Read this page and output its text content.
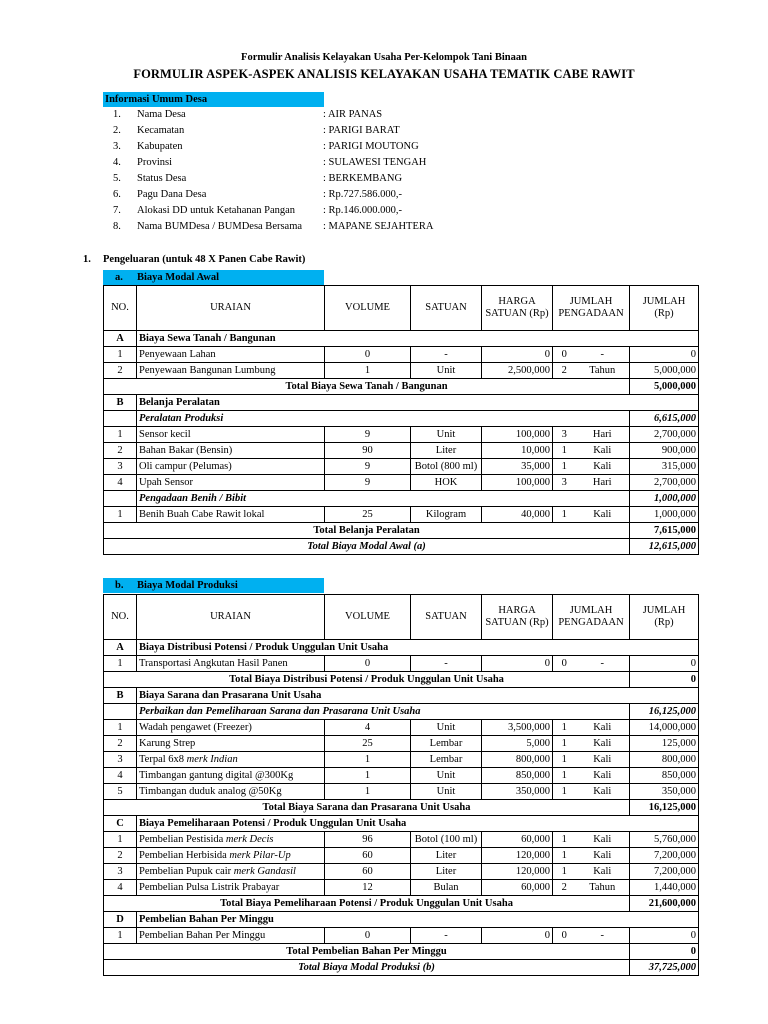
Formulir Analisis Kelayakan Usaha Per-Kelompok Tani Binaan
FORMULIR ASPEK-ASPEK ANALISIS KELAYAKAN USAHA TEMATIK CABE RAWIT
Informasi Umum Desa
1. Nama Desa	: AIR PANAS
2. Kecamatan	: PARIGI BARAT
3. Kabupaten	: PARIGI MOUTONG
4. Provinsi	: SULAWESI TENGAH
5. Status Desa	: BERKEMBANG
6. Pagu Dana Desa	: Rp.727.586.000,-
7. Alokasi DD untuk Ketahanan Pangan	: Rp.146.000.000,-
8. Nama BUMDesa / BUMDesa Bersama : MAPANE SEJAHTERA
1. Pengeluaran (untuk 48 X Panen Cabe Rawit)
a. Biaya Modal Awal
NO.	URAIAN	VOLUME	SATUAN	HARGA SATUAN (Rp)	JUMLAH PENGADAAN		JUMLAH (Rp)
A	Biaya Sewa Tanah / Bangunan						
1	Penyewaan Lahan	0	-	0	0	-	0
2	Penyewaan Bangunan Lumbung	1	Unit	2,500,000	2	Tahun	5,000,000
Total Biaya Sewa Tanah / Bangunan							5,000,000
B	Belanja Peralatan						
	Peralatan Produksi						6,615,000
1	Sensor kecil	9	Unit	100,000	3	Hari	2,700,000
2	Bahan Bakar (Bensin)	90	Liter	10,000	1	Kali	900,000
3	Oli campur (Pelumas)	9	Botol (800 ml)	35,000	1	Kali	315,000
4	Upah Sensor	9	HOK	100,000	3	Hari	2,700,000
	Pengadaan Benih / Bibit						1,000,000
1	Benih Buah Cabe Rawit lokal	25	Kilogram	40,000	1	Kali	1,000,000
Total Belanja Peralatan							7,615,000
Total Biaya Modal Awal (a)							12,615,000
b. Biaya Modal Produksi
NO.	URAIAN	VOLUME	SATUAN	HARGA SATUAN (Rp)	JUMLAH PENGADAAN		JUMLAH (Rp)
A	Biaya Distribusi Potensi / Produk Unggulan Unit Usaha						
1	Transportasi Angkutan Hasil Panen	0	-	0	0	-	0
Total Biaya Distribusi Potensi / Produk Unggulan Unit Usaha							0
B	Biaya Sarana dan Prasarana Unit Usaha						
	Perbaikan dan Pemeliharaan Sarana dan Prasarana Unit Usaha						16,125,000
1	Wadah pengawet (Freezer)	4	Unit	3,500,000	1	Kali	14,000,000
2	Karung Strep	25	Lembar	5,000	1	Kali	125,000
3	Terpal 6x8 merk Indian	1	Lembar	800,000	1	Kali	800,000
4	Timbangan gantung digital @300Kg	1	Unit	850,000	1	Kali	850,000
5	Timbangan duduk analog @50Kg	1	Unit	350,000	1	Kali	350,000
Total Biaya Sarana dan Prasarana Unit Usaha							16,125,000
C	Biaya Pemeliharaan Potensi / Produk Unggulan Unit Usaha						
1	Pembelian Pestisida merk Decis	96	Botol (100 ml)	60,000	1	Kali	5,760,000
2	Pembelian Herbisida merk Pilar-Up	60	Liter	120,000	1	Kali	7,200,000
3	Pembelian Pupuk cair merk Gandasil	60	Liter	120,000	1	Kali	7,200,000
4	Pembelian Pulsa Listrik Prabayar	12	Bulan	60,000	2	Tahun	1,440,000
Total Biaya Pemeliharaan Potensi / Produk Unggulan Unit Usaha							21,600,000
D	Pembelian Bahan Per Minggu						
1	Pembelian Bahan Per Minggu	0	-	0	0	-	0
Total Pembelian Bahan Per Minggu							0
Total Biaya Modal Produksi (b)							37,725,000
